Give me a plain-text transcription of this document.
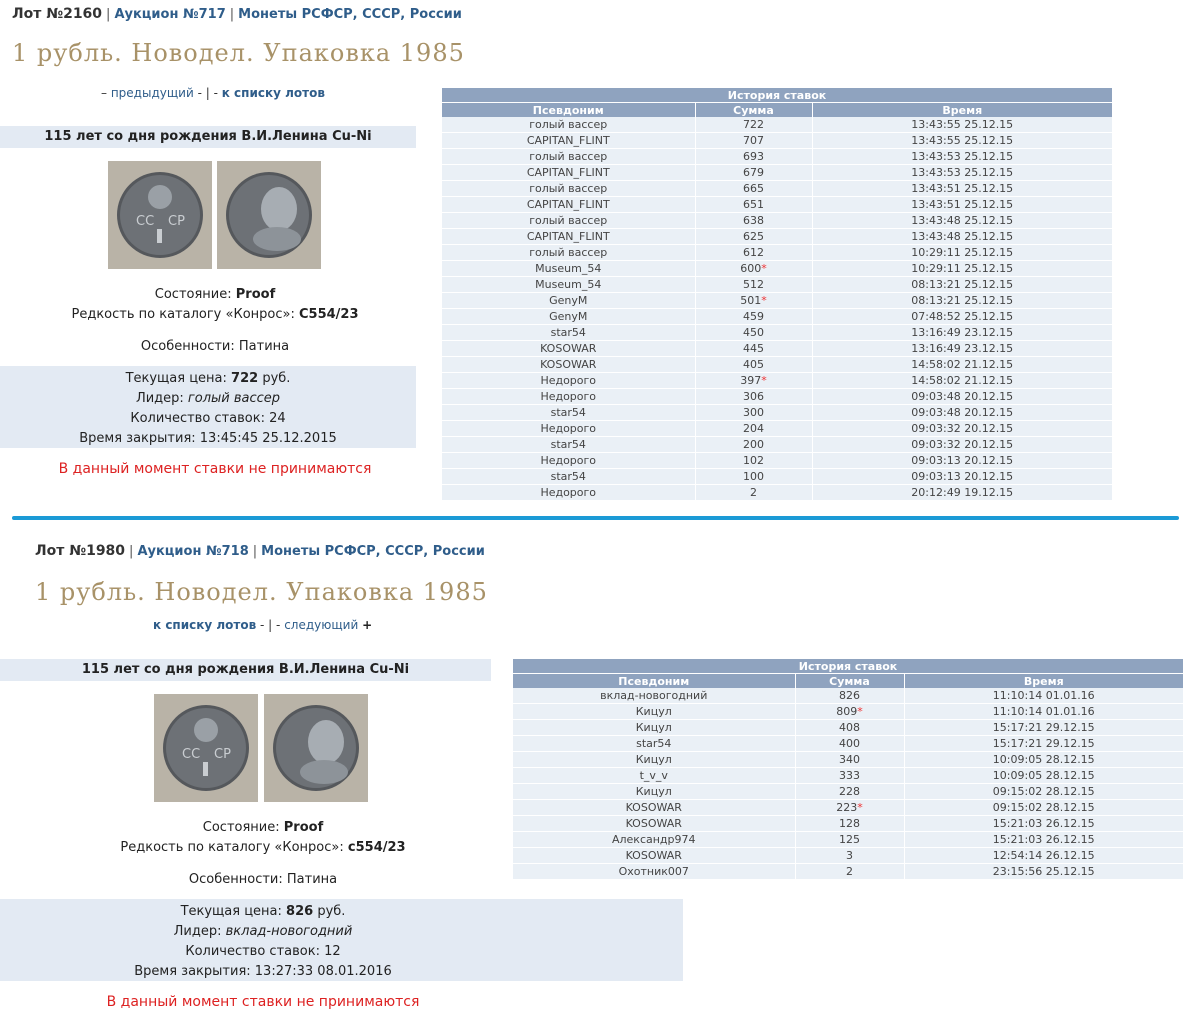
Лот №2160 | Аукцион №717 | Монеты РСФСР, СССР, России
1 рубль. Новодел. Упаковка 1985
– предыдущий - | - к списку лотов
115 лет со дня рождения В.И.Ленина Cu-Ni
СС СР
Состояние: Proof
Редкость по каталогу «Конрос»: C554/23
Особенности: Патина
Текущая цена: 722 руб.
Лидер: голый вассер
Количество ставок: 24
Время закрытия: 13:45:45 25.12.2015
В данный момент ставки не принимаются
История ставок		
Псевдоним	Сумма	Время
голый вассер	722	13:43:55 25.12.15
CAPITAN_FLINT	707	13:43:55 25.12.15
голый вассер	693	13:43:53 25.12.15
CAPITAN_FLINT	679	13:43:53 25.12.15
голый вассер	665	13:43:51 25.12.15
CAPITAN_FLINT	651	13:43:51 25.12.15
голый вассер	638	13:43:48 25.12.15
CAPITAN_FLINT	625	13:43:48 25.12.15
голый вассер	612	10:29:11 25.12.15
Museum_54	600*	10:29:11 25.12.15
Museum_54	512	08:13:21 25.12.15
GenyM	501*	08:13:21 25.12.15
GenyM	459	07:48:52 25.12.15
star54	450	13:16:49 23.12.15
KOSOWAR	445	13:16:49 23.12.15
KOSOWAR	405	14:58:02 21.12.15
Недорого	397*	14:58:02 21.12.15
Недорого	306	09:03:48 20.12.15
star54	300	09:03:48 20.12.15
Недорого	204	09:03:32 20.12.15
star54	200	09:03:32 20.12.15
Недорого	102	09:03:13 20.12.15
star54	100	09:03:13 20.12.15
Недорого	2	20:12:49 19.12.15
Лот №1980 | Аукцион №718 | Монеты РСФСР, СССР, России
1 рубль. Новодел. Упаковка 1985
к списку лотов - | - следующий +
115 лет со дня рождения В.И.Ленина Cu-Ni
СС СР
Состояние: Proof
Редкость по каталогу «Конрос»: c554/23
Особенности: Патина
Текущая цена: 826 руб.
Лидер: вклад-новогодний
Количество ставок: 12
Время закрытия: 13:27:33 08.01.2016
В данный момент ставки не принимаются
История ставок		
Псевдоним	Сумма	Время
вклад-новогодний	826	11:10:14 01.01.16
Кицул	809*	11:10:14 01.01.16
Кицул	408	15:17:21 29.12.15
star54	400	15:17:21 29.12.15
Кицул	340	10:09:05 28.12.15
t_v_v	333	10:09:05 28.12.15
Кицул	228	09:15:02 28.12.15
KOSOWAR	223*	09:15:02 28.12.15
KOSOWAR	128	15:21:03 26.12.15
Александр974	125	15:21:03 26.12.15
KOSOWAR	3	12:54:14 26.12.15
Охотник007	2	23:15:56 25.12.15
